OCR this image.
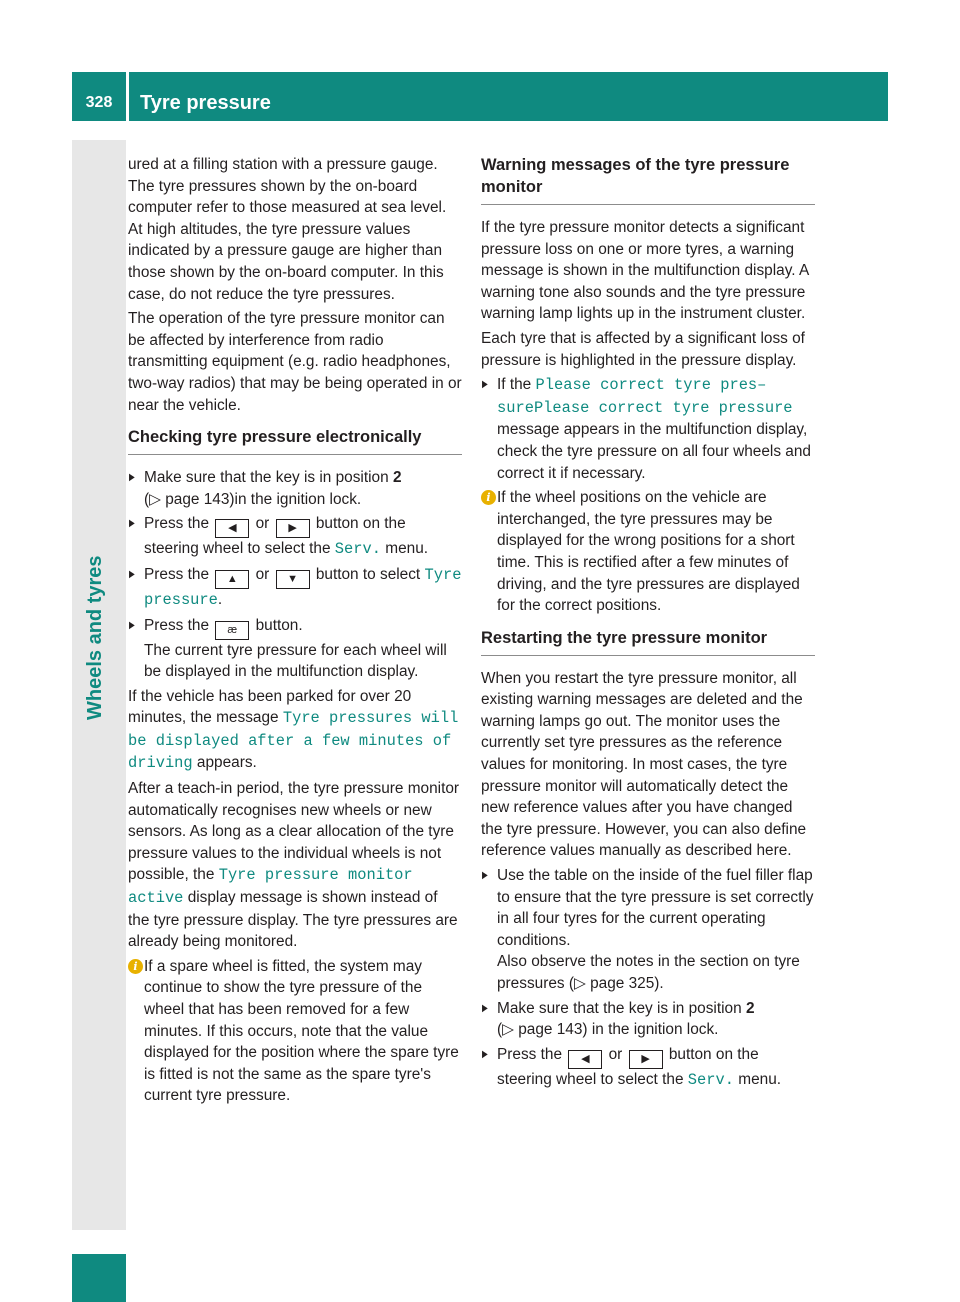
328	Tyre pressure
Wheels and tyres

ured at a filling station with a pressure gauge. The tyre pressures shown by the on-board computer refer to those measured at sea level. At high altitudes, the tyre pressure values indicated by a pressure gauge are higher than those shown by the on-board computer. In this case, do not reduce the tyre pressures.

The operation of the tyre pressure monitor can be affected by interference from radio transmitting equipment (e.g. radio headphones, two-way radios) that may be being operated in or near the vehicle.

Checking tyre pressure electronically
▶ Make sure that the key is in position 2
(▷ page 143)in the ignition lock.
▶ Press the ◀ or ▶ button on the steering wheel to select the Serv. menu.
▶ Press the ▲ or ▼ button to select Tyre pressure.
▶ Press the æ button.
The current tyre pressure for each wheel will be displayed in the multifunction display.

If the vehicle has been parked for over 20 minutes, the message Tyre pressures will be displayed after a few minutes of driving appears.

After a teach-in period, the tyre pressure monitor automatically recognises new wheels or new sensors. As long as a clear allocation of the tyre pressure values to the individual wheels is not possible, the Tyre pressure monitor active display message is shown instead of the tyre pressure display. The tyre pressures are already being monitored.

i If a spare wheel is fitted, the system may continue to show the tyre pressure of the wheel that has been removed for a few minutes. If this occurs, note that the value displayed for the position where the spare tyre is fitted is not the same as the spare tyre's current tyre pressure.
Warning messages of the tyre pressure monitor

If the tyre pressure monitor detects a significant pressure loss on one or more tyres, a warning message is shown in the multifunction display. A warning tone also sounds and the tyre pressure warning lamp lights up in the instrument cluster.

Each tyre that is affected by a significant loss of pressure is highlighted in the pressure display.

▶ If the Please correct tyre pres–surePlease correct tyre pressure message appears in the multifunction display, check the tyre pressure on all four wheels and correct it if necessary.
i If the wheel positions on the vehicle are interchanged, the tyre pressures may be displayed for the wrong positions for a short time. This is rectified after a few minutes of driving, and the tyre pressures are displayed for the correct positions.
Restarting the tyre pressure monitor

When you restart the tyre pressure monitor, all existing warning messages are deleted and the warning lamps go out. The monitor uses the currently set tyre pressures as the reference values for monitoring. In most cases, the tyre pressure monitor will automatically detect the new reference values after you have changed the tyre pressure. However, you can also define reference values manually as described here.

▶ Use the table on the inside of the fuel filler flap to ensure that the tyre pressure is set correctly in all four tyres for the current operating conditions.
Also observe the notes in the section on tyre pressures (▷ page 325).
▶ Make sure that the key is in position 2
(▷ page 143) in the ignition lock.
▶ Press the ◀ or ▶ button on the steering wheel to select the Serv. menu.
